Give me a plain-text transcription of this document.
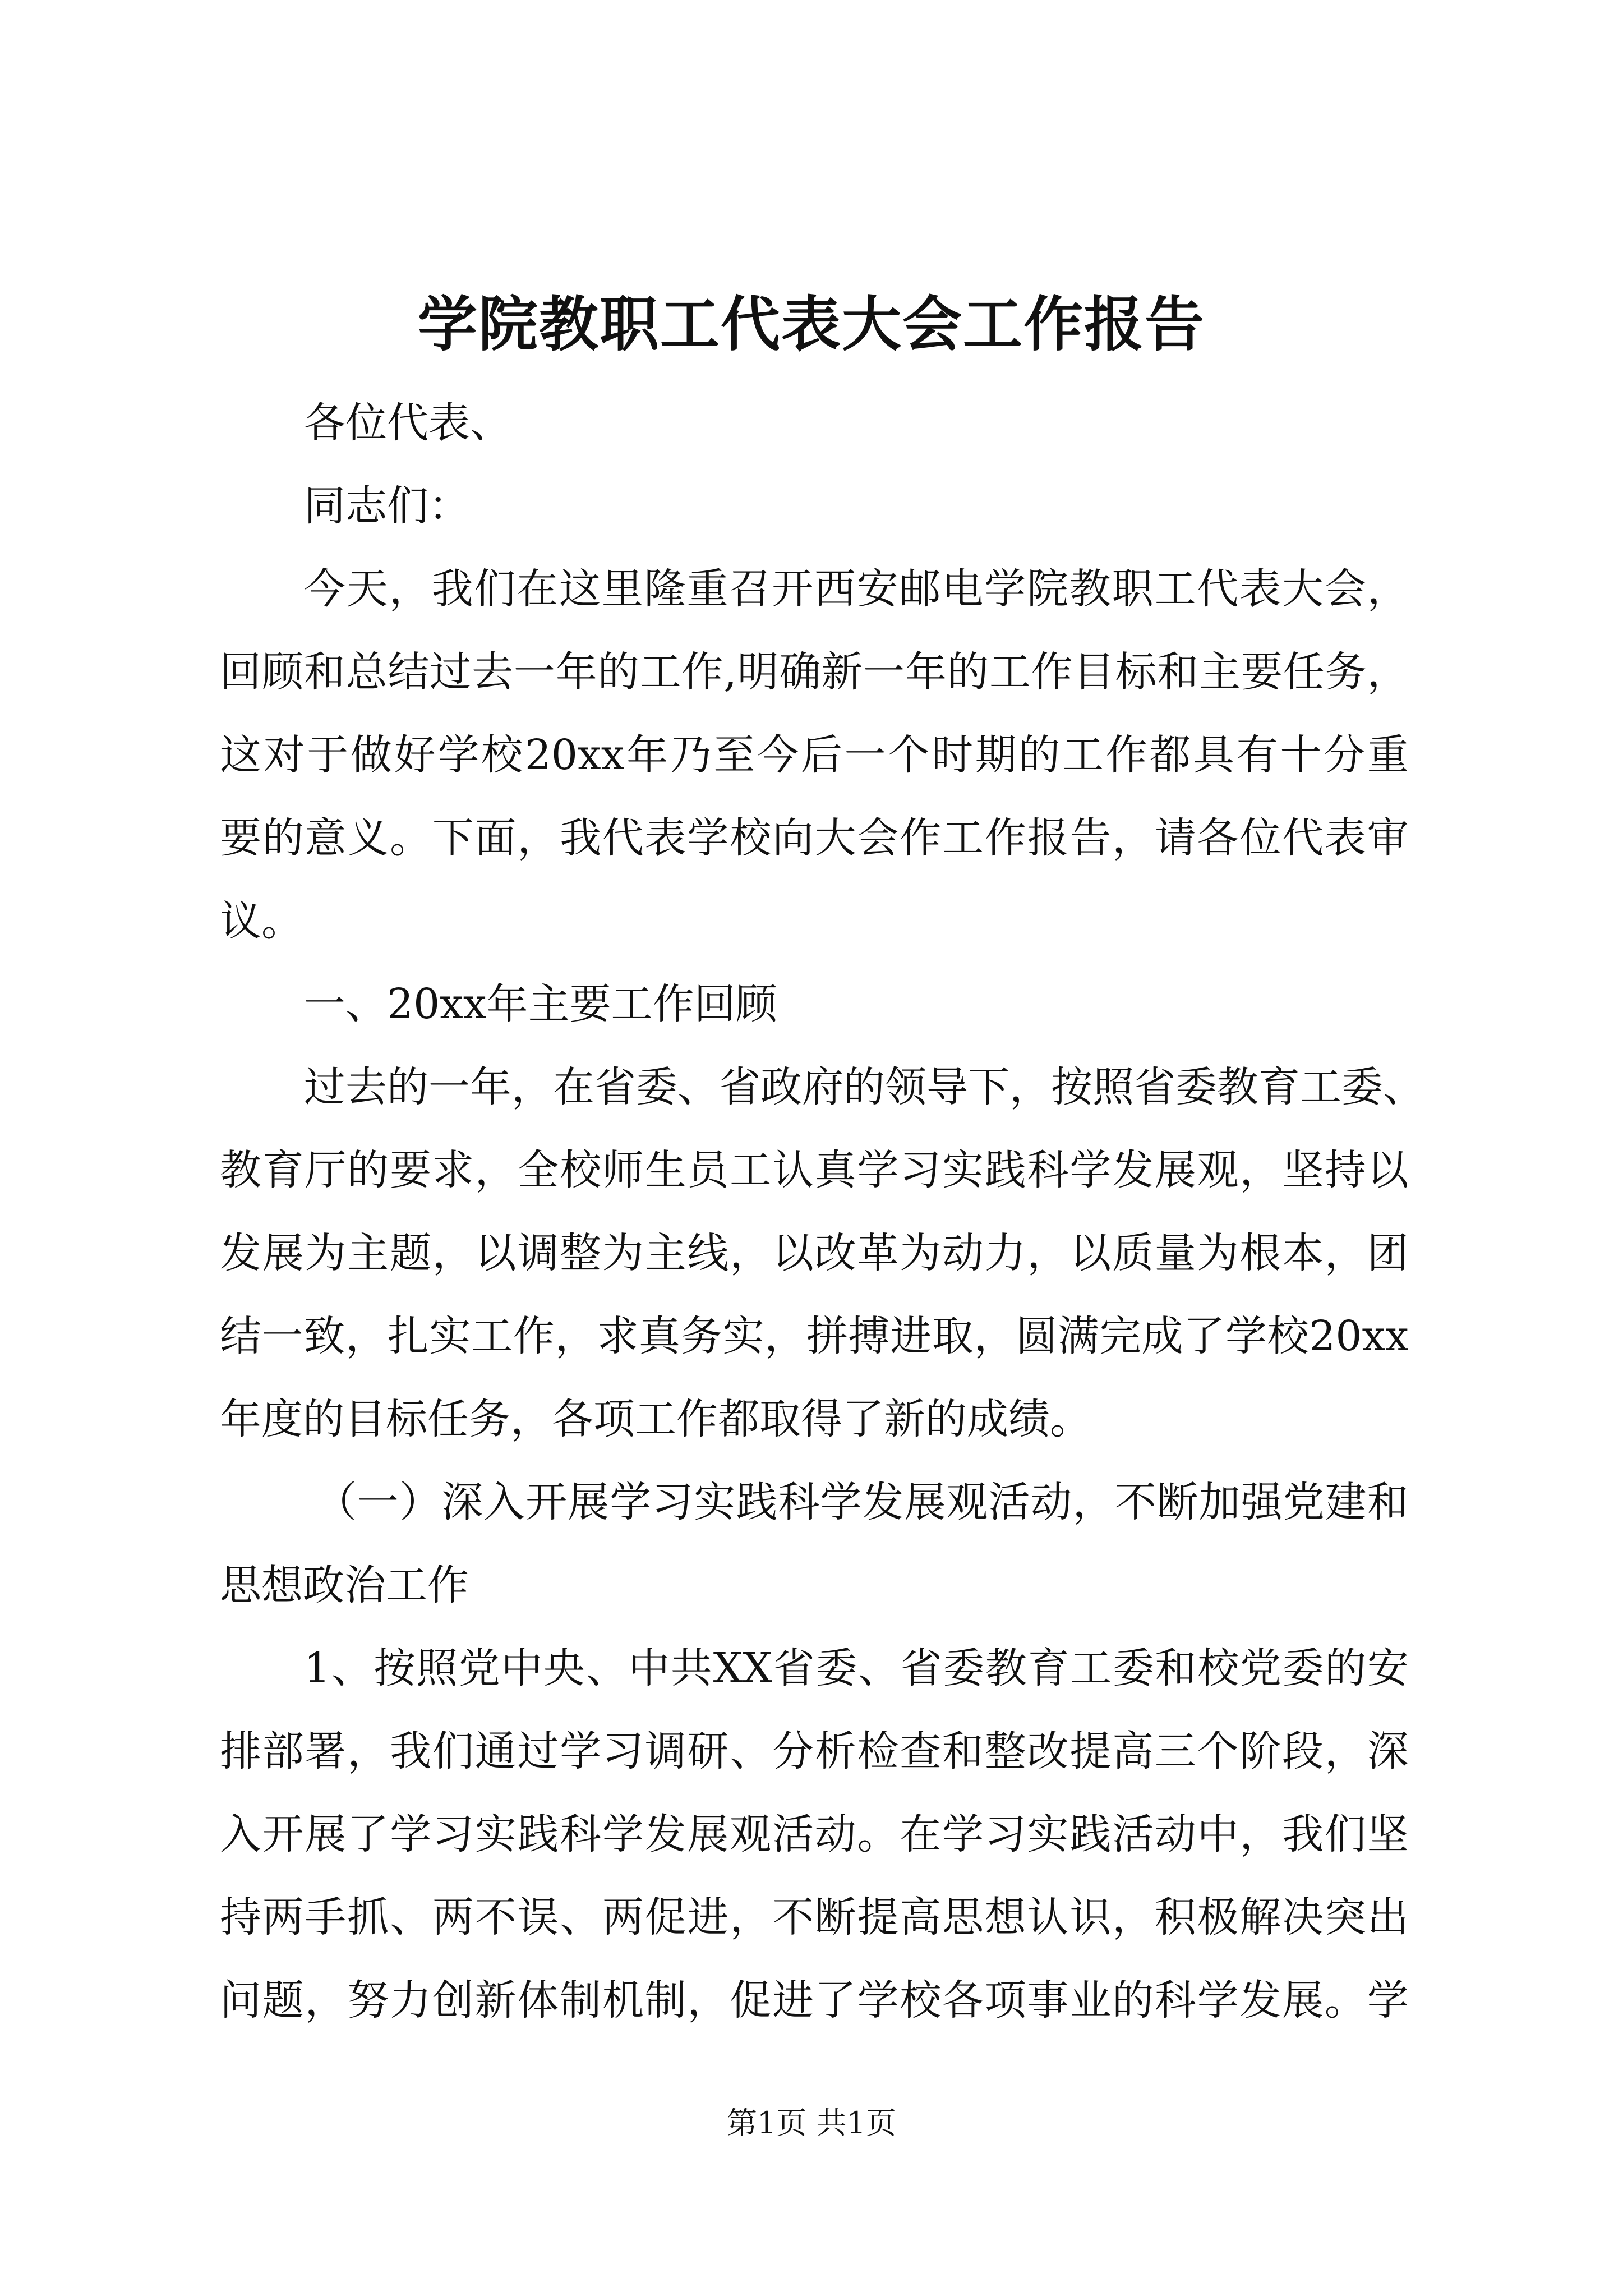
学院教职工代表大会工作报告
各位代表、
同志们：
今 天 ， 我 们 在 这 里 隆 重 召 开 西 安 邮 电 学 院 教 职 工 代 表 大 会 ，
回 顾 和 总 结 过 去 一 年 的 工 作 , 明 确 新 一 年 的 工 作 目 标 和 主 要 任 务 ，
这 对 于 做 好 学 校 20xx 年 乃 至 今 后 一 个 时 期 的 工 作 都 具 有 十 分 重
要 的 意 义 。 下 面 ， 我 代 表 学 校 向 大 会 作 工 作 报 告 ， 请 各 位 代 表 审
议。
一、20xx年主要工作回顾
过 去 的 一 年 ， 在 省 委 、 省 政 府 的 领 导 下 ， 按 照 省 委 教 育 工 委 、
教 育 厅 的 要 求 ， 全 校 师 生 员 工 认 真 学 习 实 践 科 学 发 展 观 ， 坚 持 以
发 展 为 主 题 ， 以 调 整 为 主 线 ， 以 改 革 为 动 力 ， 以 质 量 为 根 本 ， 团
结 一 致 ， 扎 实 工 作 ， 求 真 务 实 ， 拼 搏 进 取 ， 圆 满 完 成 了 学 校 20xx
年度的目标任务，各项工作都取得了新的成绩。
（ 一 ） 深 入 开 展 学 习 实 践 科 学 发 展 观 活 动 ， 不 断 加 强 党 建 和
思想政治工作
1 、 按 照 党 中 央 、 中 共 XX 省 委 、 省 委 教 育 工 委 和 校 党 委 的 安
排 部 署 ， 我 们 通 过 学 习 调 研 、 分 析 检 查 和 整 改 提 高 三 个 阶 段 ， 深
入 开 展 了 学 习 实 践 科 学 发 展 观 活 动 。 在 学 习 实 践 活 动 中 ， 我 们 坚
持 两 手 抓 、 两 不 误 、 两 促 进 ， 不 断 提 高 思 想 认 识 ， 积 极 解 决 突 出
问 题 ， 努 力 创 新 体 制 机 制 ， 促 进 了 学 校 各 项 事 业 的 科 学 发 展 。 学
第1页 共1页
